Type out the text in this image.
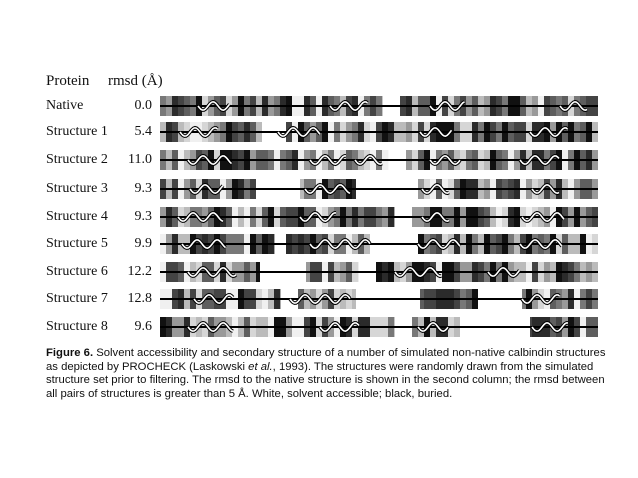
Protein rmsd (Å)
Native	0.0
Structure 1	5.4
Structure 2	11.0
Structure 3	9.3
Structure 4	9.3
Structure 5	9.9
Structure 6	12.2
Structure 7	12.8
Structure 8	9.6
Figure 6. Solvent accessibility and secondary structure of a number of simulated non-native calbindin structures as depicted by PROCHECK (Laskowski et al., 1993). The structures were randomly drawn from the simulated structure set prior to filtering. The rmsd to the native structure is shown in the second column; the rmsd between all pairs of structures is greater than 5 Å. White, solvent accessible; black, buried.
